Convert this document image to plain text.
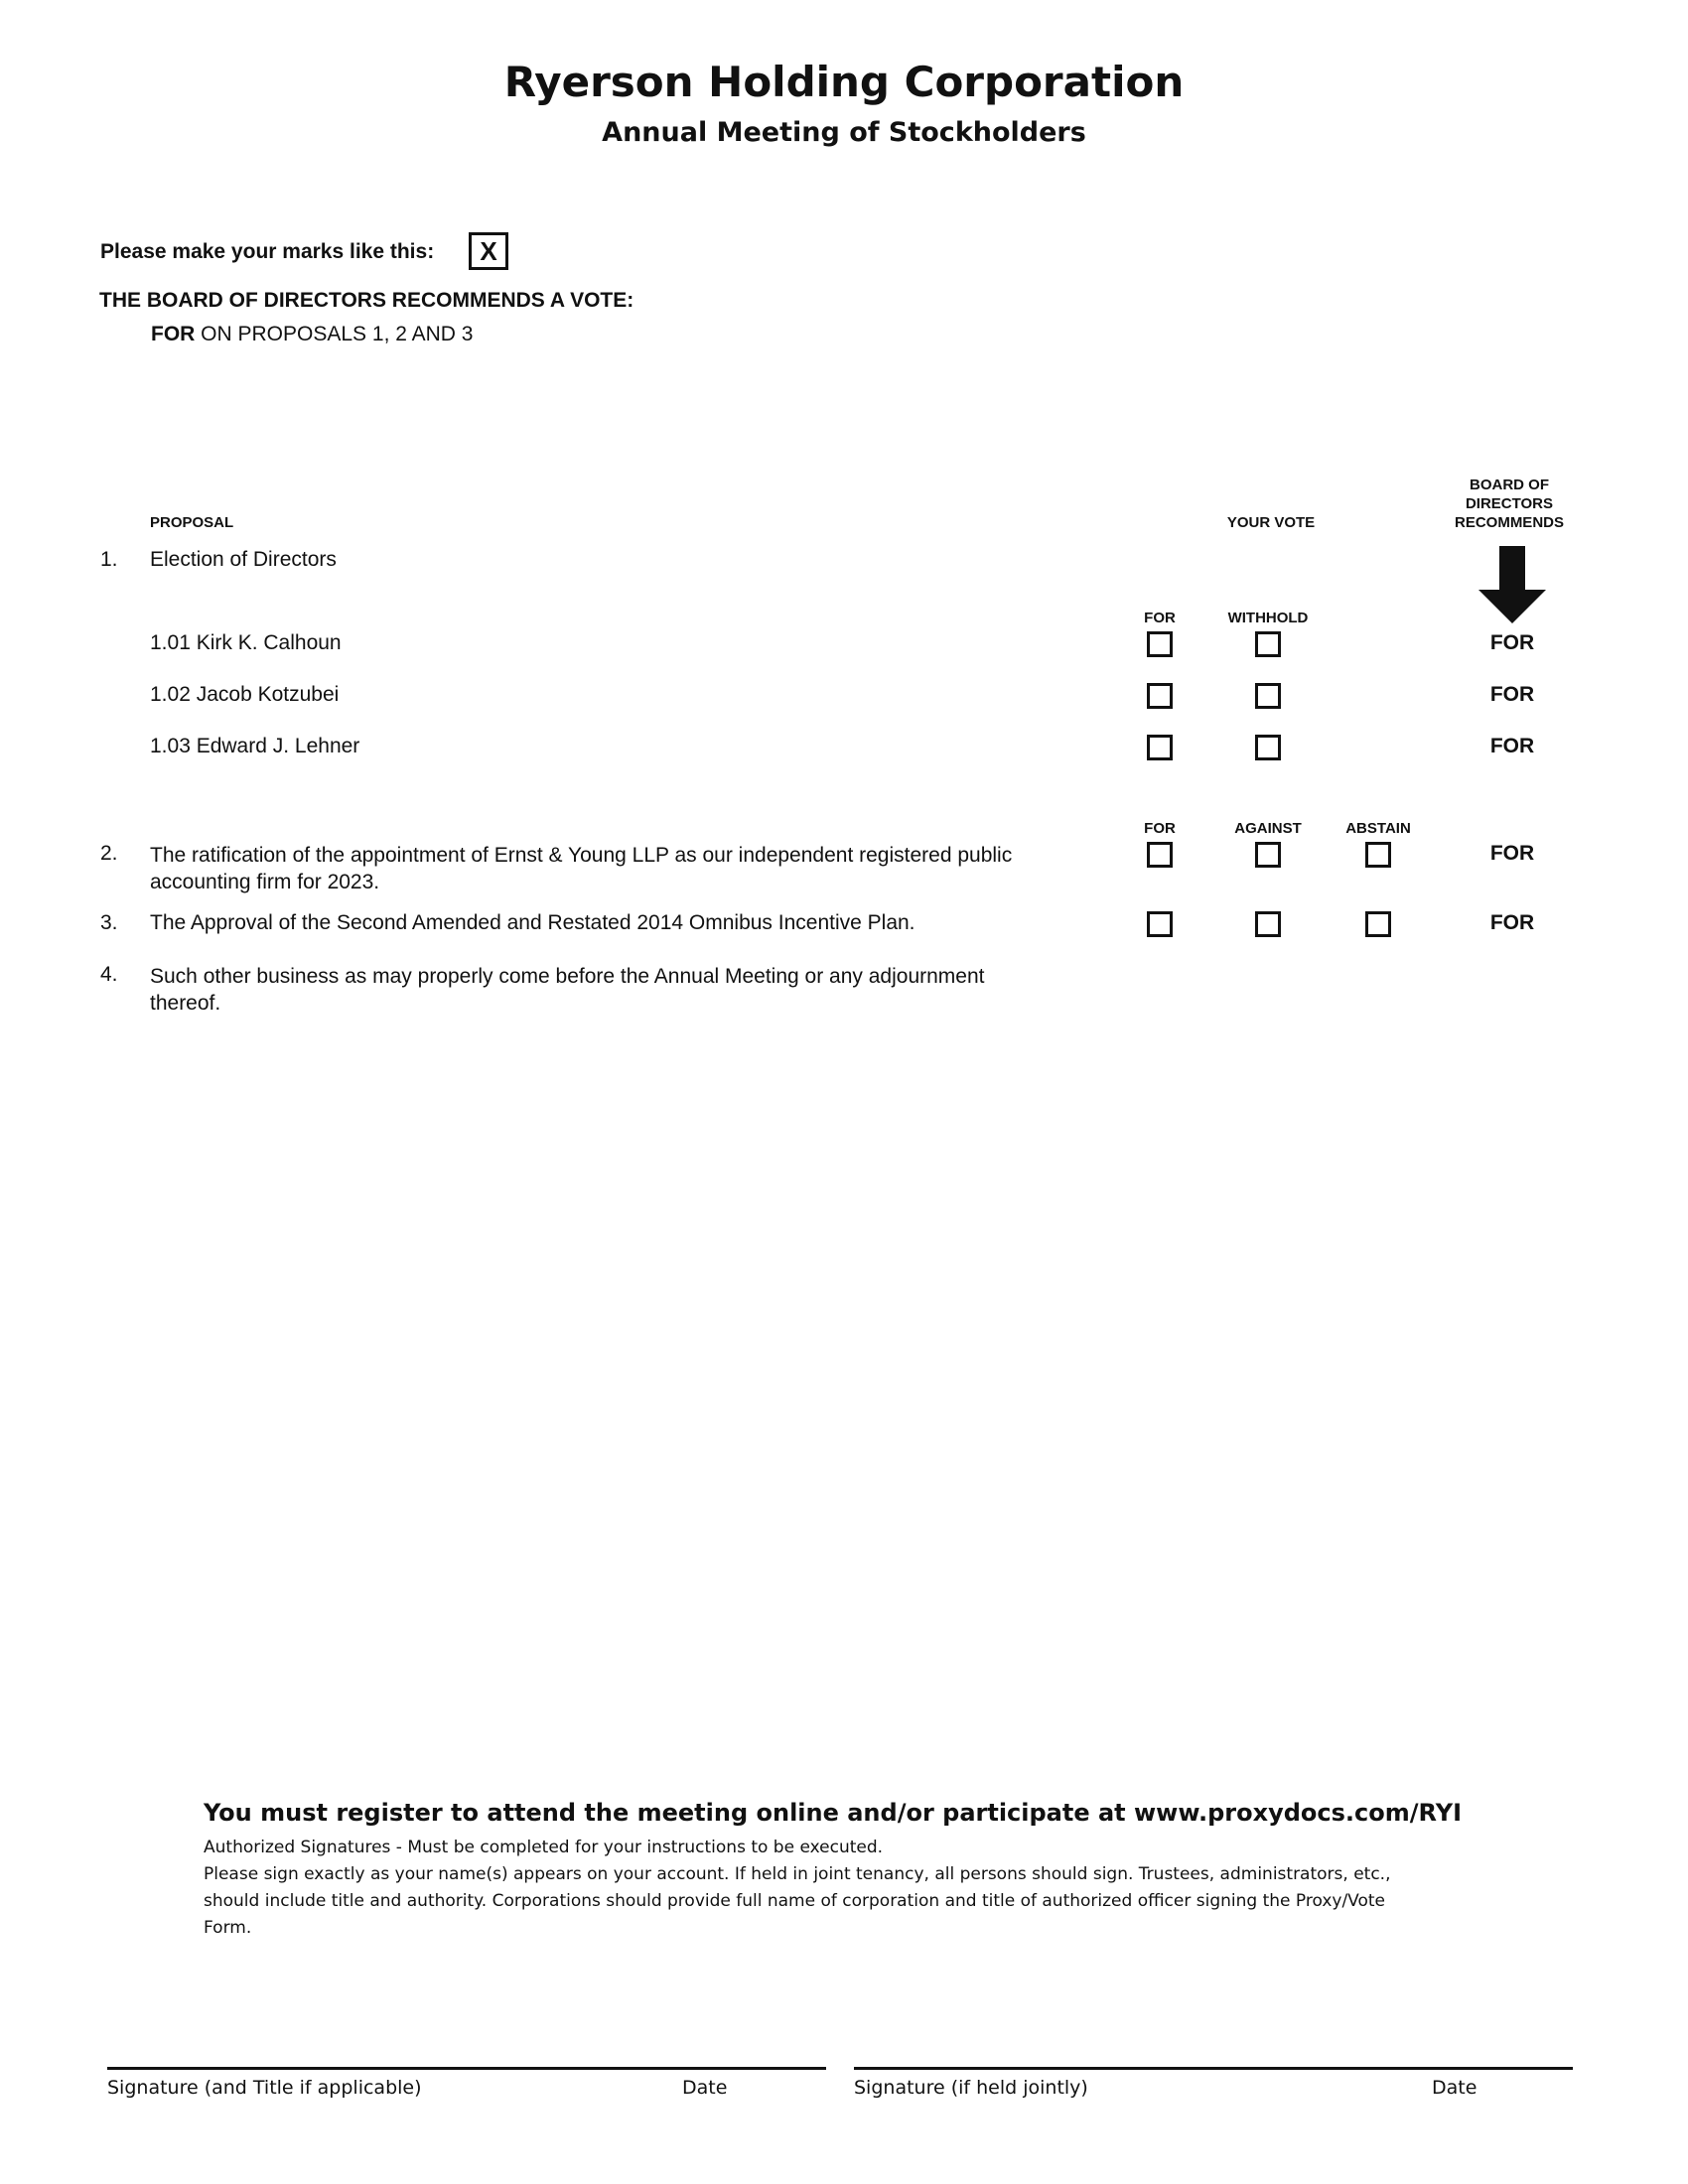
Ryerson Holding Corporation
Annual Meeting of Stockholders
Please make your marks like this:	X
THE BOARD OF DIRECTORS RECOMMENDS A VOTE:
FOR ON PROPOSALS 1, 2 AND 3
PROPOSAL	YOUR VOTE
BOARD OF
DIRECTORS
RECOMMENDS
1. Election of Directors
FOR	WITHHOLD
1.01 Kirk K. Calhoun	FOR
1.02 Jacob Kotzubei	FOR
1.03 Edward J. Lehner	FOR
FOR	AGAINST	ABSTAIN
2. The ratification of the appointment of Ernst & Young LLP as our independent registered public
accounting firm for 2023.
FOR
3. The Approval of the Second Amended and Restated 2014 Omnibus Incentive Plan.	FOR
4. Such other business as may properly come before the Annual Meeting or any adjournment
thereof.
You must register to attend the meeting online and/or participate at www.proxydocs.com/RYI
Authorized Signatures - Must be completed for your instructions to be executed.
Please sign exactly as your name(s) appears on your account. If held in joint tenancy, all persons should sign. Trustees, administrators, etc.,
should include title and authority. Corporations should provide full name of corporation and title of authorized officer signing the Proxy/Vote
Form.
Signature (and Title if applicable)	Date	Signature (if held jointly)	Date
